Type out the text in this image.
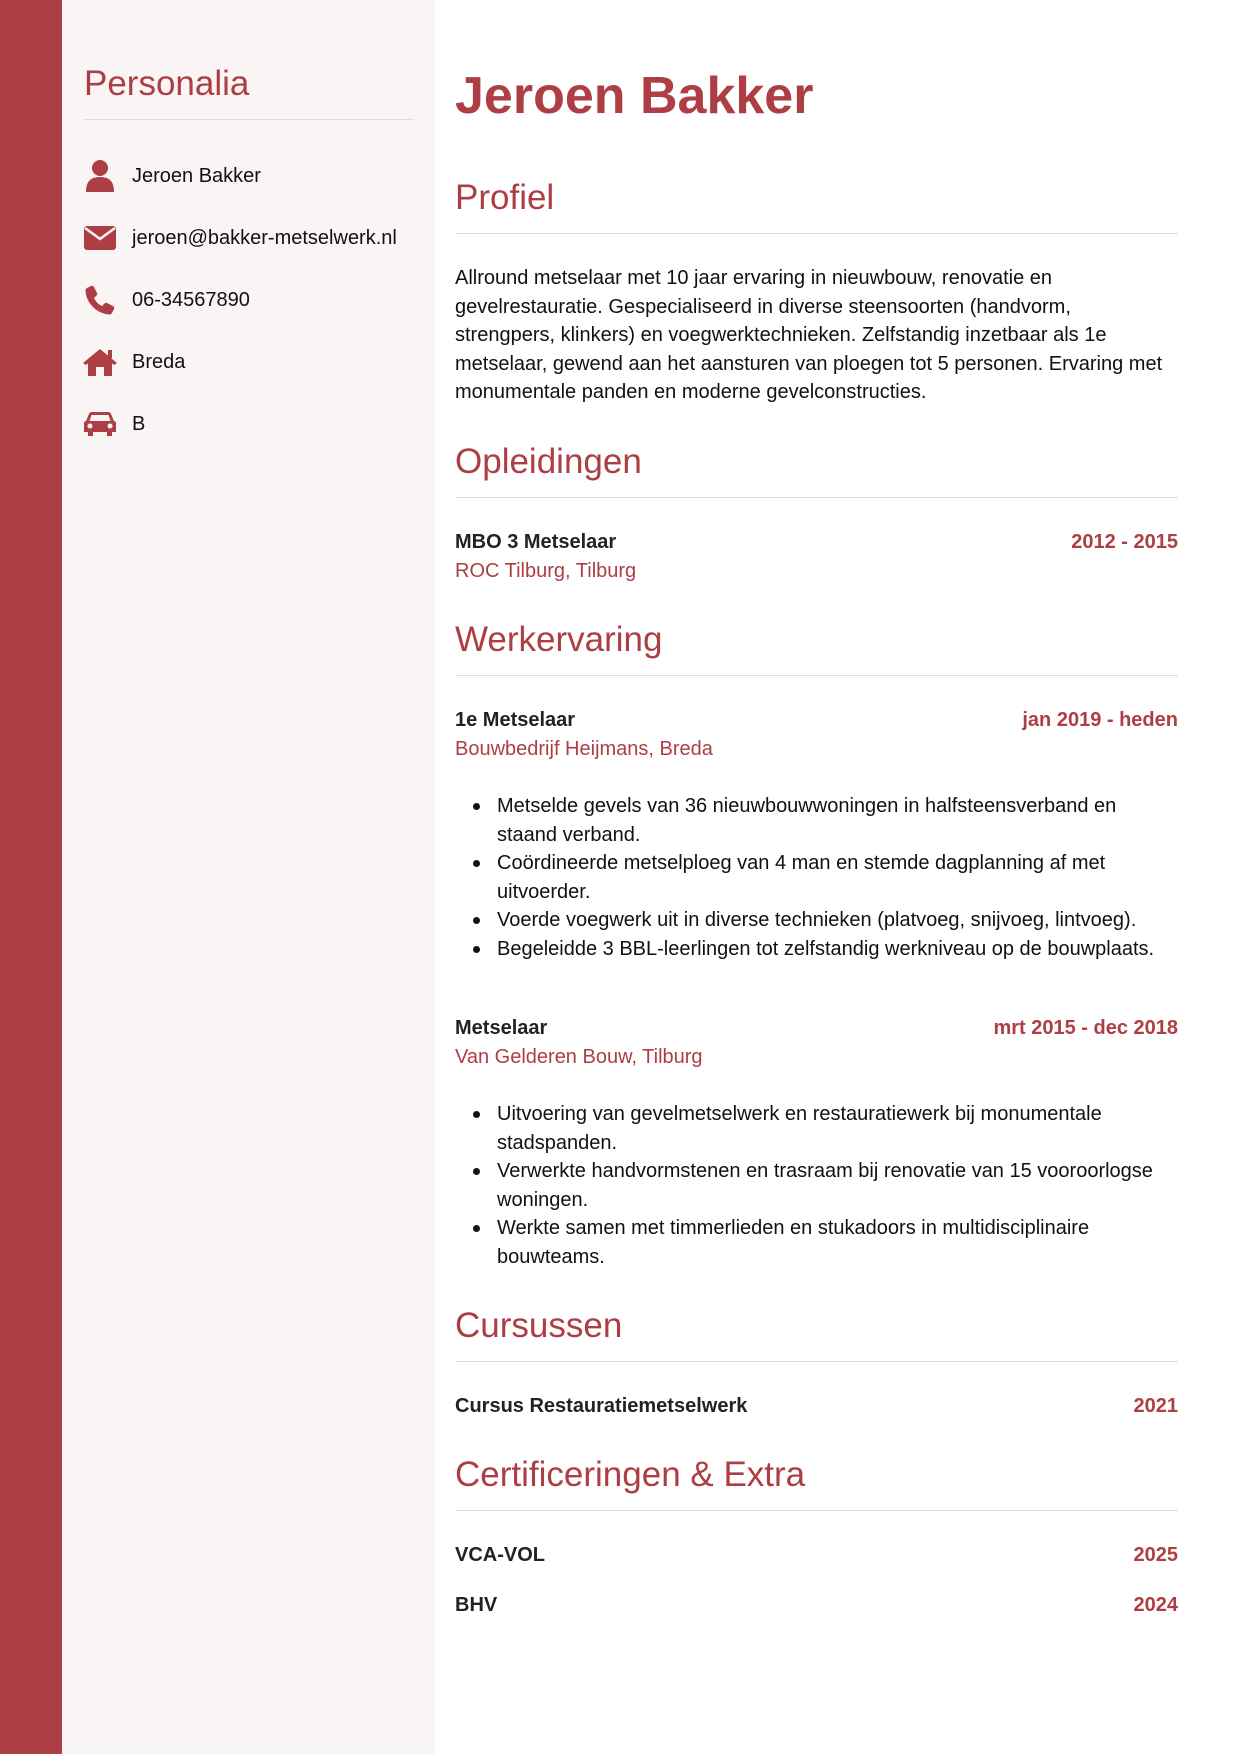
Personalia
Jeroen Bakker
jeroen@bakker-metselwerk.nl
06-34567890
Breda
B
Jeroen Bakker
Profiel

Allround metselaar met 10 jaar ervaring in nieuwbouw, renovatie en gevelrestauratie. Gespecialiseerd in diverse steensoorten (handvorm, strengpers, klinkers) en voegwerktechnieken. Zelfstandig inzetbaar als 1e metselaar, gewend aan het aansturen van ploegen tot 5 personen. Ervaring met monumentale panden en moderne gevelconstructies.

Opleidingen

MBO 3 Metselaar	2012 - 2015

ROC Tilburg, Tilburg

Werkervaring

1e Metselaar	jan 2019 - heden

Bouwbedrijf Heijmans, Breda

Metselde gevels van 36 nieuwbouwwoningen in halfsteensverband en staand verband.
Coördineerde metselploeg van 4 man en stemde dagplanning af met uitvoerder.
Voerde voegwerk uit in diverse technieken (platvoeg, snijvoeg, lintvoeg).
Begeleidde 3 BBL-leerlingen tot zelfstandig werkniveau op de bouwplaats.

Metselaar	mrt 2015 - dec 2018

Van Gelderen Bouw, Tilburg

Uitvoering van gevelmetselwerk en restauratiewerk bij monumentale stadspanden.
Verwerkte handvormstenen en trasraam bij renovatie van 15 vooroorlogse woningen.
Werkte samen met timmerlieden en stukadoors in multidisciplinaire bouwteams.
Cursussen

Cursus Restauratiemetselwerk	2021

Certificeringen & Extra

VCA-VOL	2025

BHV	2024
